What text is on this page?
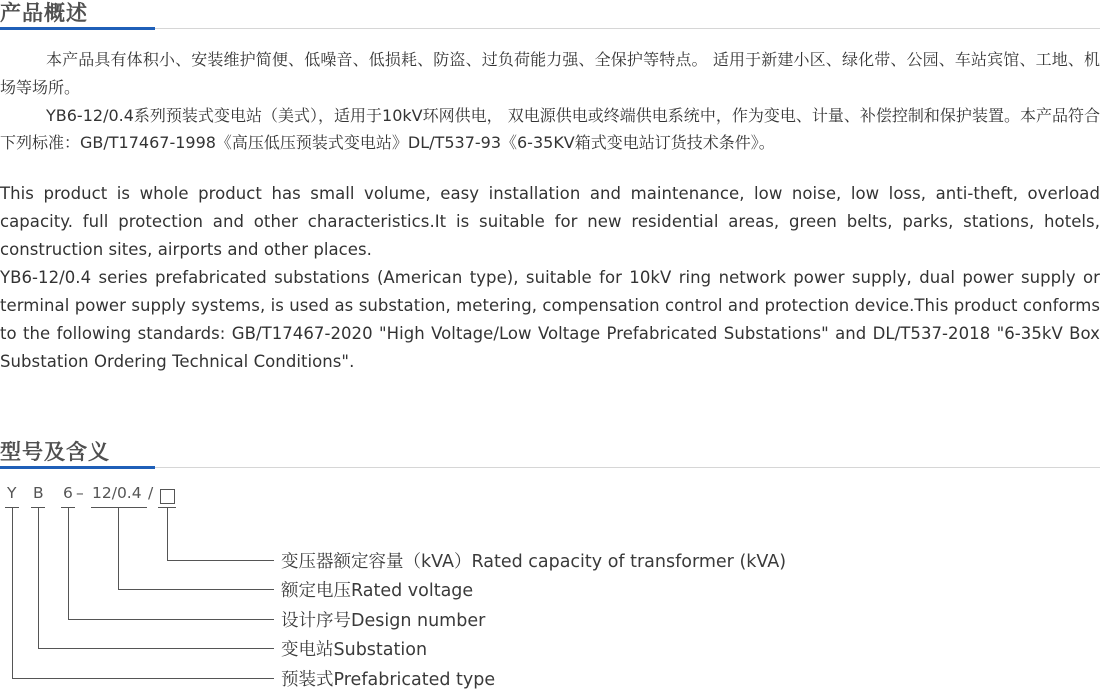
产品概述

本产品具有体积小、安装维护简便、低噪音、低损耗、防盗、过负荷能力强、全保护等特点。 适用于新建小区、绿化带、公园、车站宾馆、工地、机场等场所。

YB6-12/0.4系列预装式变电站（美式），适用于10kV环网供电， 双电源供电或终端供电系统中，作为变电、计量、补偿控制和保护装置。本产品符合下列标准：GB/T17467-1998《高压低压预装式变电站》DL/T537-93《6-35KV箱式变电站订货技术条件》。

This product is whole product has small volume, easy installation and maintenance, low noise, low loss, anti-theft, overload capacity. full protection and other characteristics.It is suitable for new residential areas, green belts, parks, stations, hotels, construction sites, airports and other places.

YB6-12/0.4 series prefabricated substations (American type), suitable for 10kV ring network power supply, dual power supply or terminal power supply systems, is used as substation, metering, compensation control and protection device.This product conforms to the following standards: GB/T17467-2020 "High Voltage/Low Voltage Prefabricated Substations" and DL/T537-2018 "6-35kV Box Substation Ordering Technical Conditions".

型号及含义
Y B 6 – 12/0.4 /
变压器额定容量（kVA）Rated capacity of transformer (kVA)
额定电压Rated voltage
设计序号Design number
变电站Substation
预装式Prefabricated type
